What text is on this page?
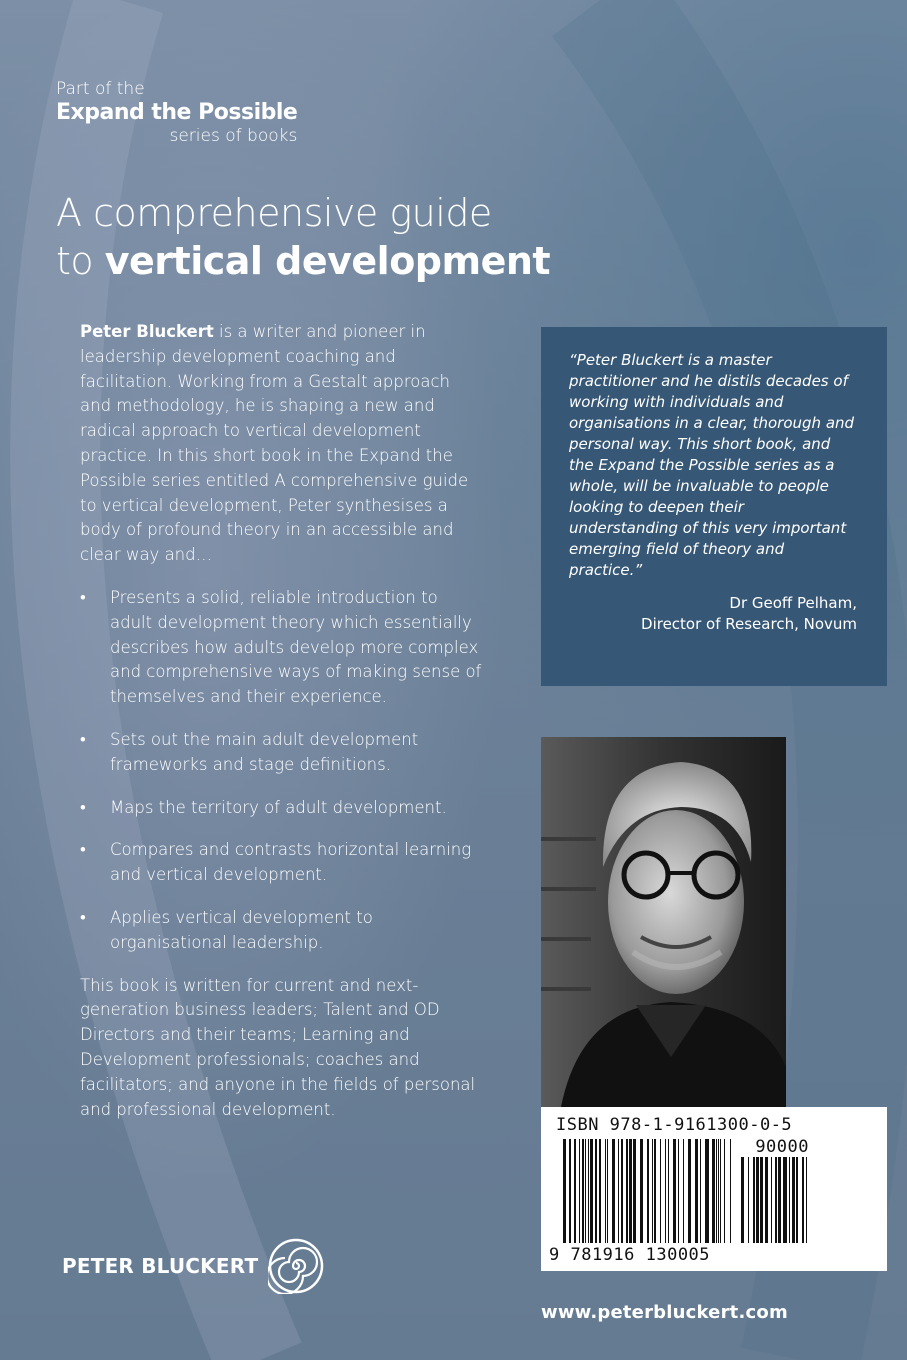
Part of the
Expand the Possible
series of books
A comprehensive guide
to vertical development

Peter Bluckert is a writer and pioneer in leadership development coaching and facilitation. Working from a Gestalt approach and methodology, he is shaping a new and radical approach to vertical development practice. In this short book in the Expand the Possible series entitled A comprehensive guide to vertical development, Peter synthesises a body of profound theory in an accessible and clear way and…

• Presents a solid, reliable introduction to adult development theory which essentially describes how adults develop more complex and comprehensive ways of making sense of themselves and their experience.
• Sets out the main adult development frameworks and stage definitions.
• Maps the territory of adult development.
• Compares and contrasts horizontal learning and vertical development.
• Applies vertical development to organisational leadership.

This book is written for current and next-generation business leaders; Talent and OD Directors and their teams; Learning and Development professionals; coaches and facilitators; and anyone in the fields of personal and professional development.

“Peter Bluckert is a master practitioner and he distils decades of working with individuals and organisations in a clear, thorough and personal way. This short book, and the Expand the Possible series as a whole, will be invaluable to people looking to deepen their understanding of this very important emerging field of theory and practice.”
Dr Geoff Pelham,
Director of Research, Novum
ISBN 978-1-9161300-0-5
90000
9 781916 130005
PETER BLUCKERT
www.peterbluckert.com
